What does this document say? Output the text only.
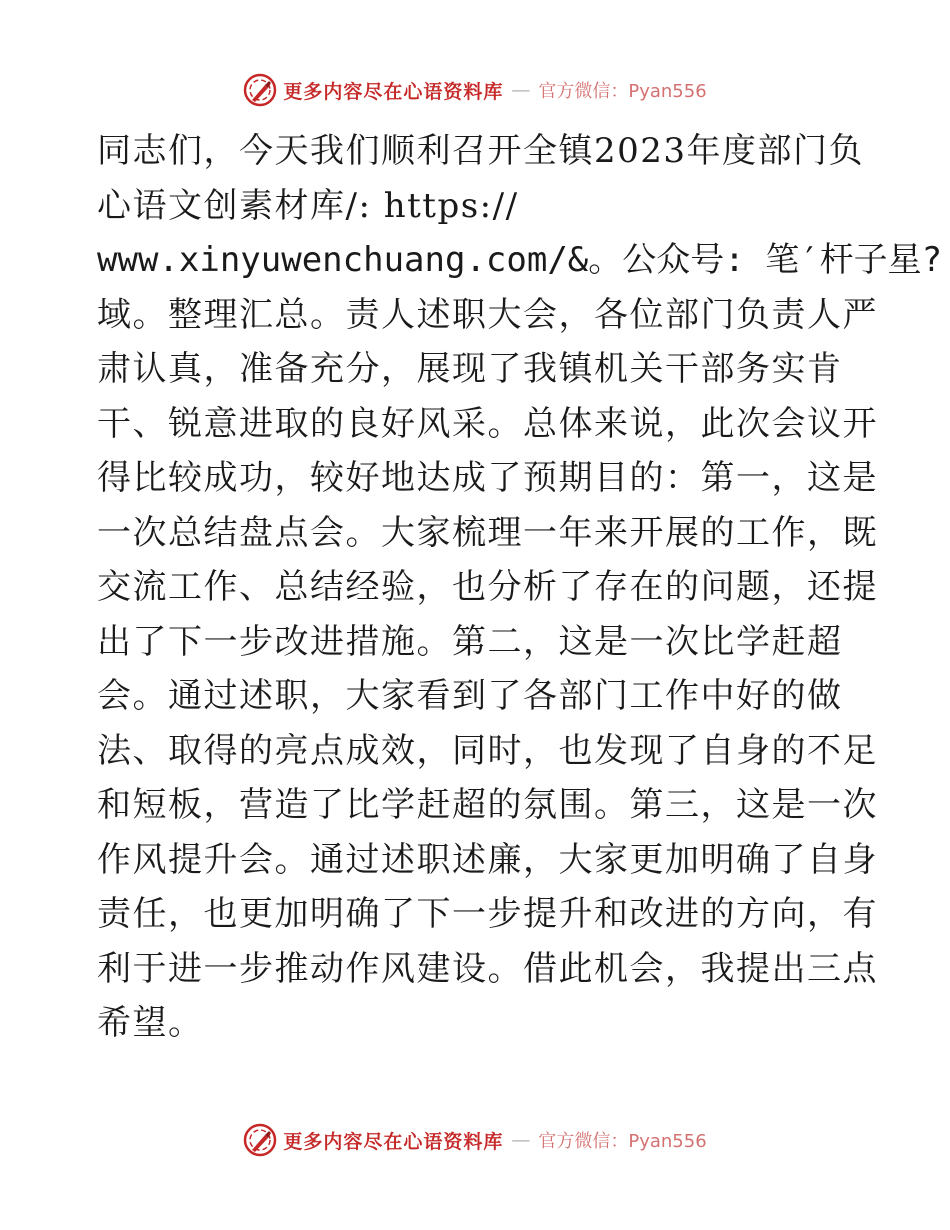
更多内容尽在心语资料库 — 官方微信：Pyan556
同志们，今天我们顺利召开全镇2023年度部门负
心语文创素材库/: https://
www.xinyuwenchuang.com/&。公众号: 笔′杆子星?
域。整理汇总。责人述职大会，各位部门负责人严
肃认真，准备充分，展现了我镇机关干部务实肯
干、锐意进取的良好风采。总体来说，此次会议开
得比较成功，较好地达成了预期目的：第一，这是
一次总结盘点会。大家梳理一年来开展的工作，既
交流工作、总结经验，也分析了存在的问题，还提
出了下一步改进措施。第二，这是一次比学赶超
会。通过述职，大家看到了各部门工作中好的做
法、取得的亮点成效，同时，也发现了自身的不足
和短板，营造了比学赶超的氛围。第三，这是一次
作风提升会。通过述职述廉，大家更加明确了自身
责任，也更加明确了下一步提升和改进的方向，有
利于进一步推动作风建设。借此机会，我提出三点
希望。
更多内容尽在心语资料库 — 官方微信：Pyan556
